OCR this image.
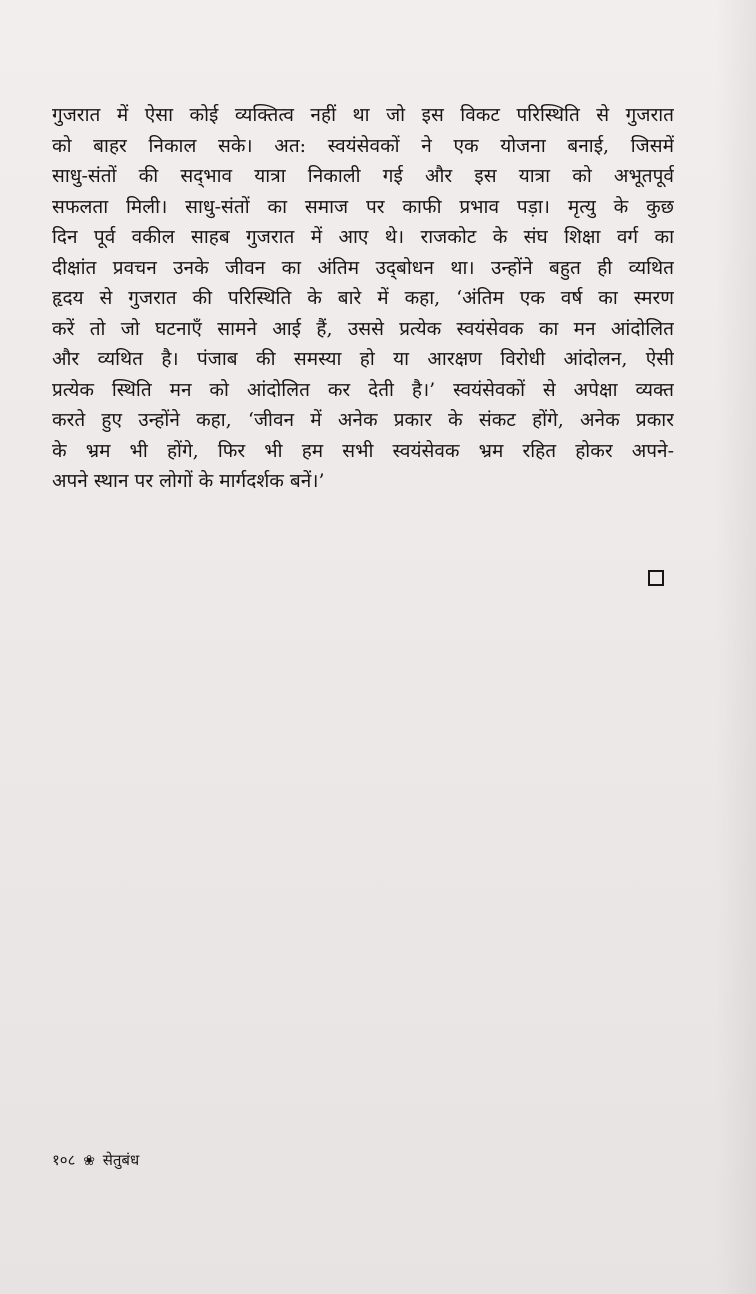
गुजरात में ऐसा कोई व्यक्तित्व नहीं था जो इस विकट परिस्थिति से गुजरात
को बाहर निकाल सके। अत: स्वयंसेवकों ने एक योजना बनाई, जिसमें
साधु-संतों की सद्‍भाव यात्रा निकाली गई और इस यात्रा को अभूतपूर्व
सफलता मिली। साधु-संतों का समाज पर काफी प्रभाव पड़ा। मृत्यु के कुछ
दिन पूर्व वकील साहब गुजरात में आए थे। राजकोट के संघ शिक्षा वर्ग का
दीक्षांत प्रवचन उनके जीवन का अंतिम उद्‍बोधन था। उन्होंने बहुत ही व्यथित
हृदय से गुजरात की परिस्थिति के बारे में कहा, ‘अंतिम एक वर्ष का स्मरण
करें तो जो घटनाएँ सामने आई हैं, उससे प्रत्येक स्वयंसेवक का मन आंदोलित
और व्यथित है। पंजाब की समस्या हो या आरक्षण विरोधी आंदोलन, ऐसी
प्रत्येक स्थिति मन को आंदोलित कर देती है।’ स्वयंसेवकों से अपेक्षा व्यक्त
करते हुए उन्होंने कहा, ‘जीवन में अनेक प्रकार के संकट होंगे, अनेक प्रकार
के भ्रम भी होंगे, फिर भी हम सभी स्वयंसेवक भ्रम रहित होकर अपने-
अपने स्थान पर लोगों के मार्गदर्शक बनें।’
१०८ ❀ सेतुबंध
